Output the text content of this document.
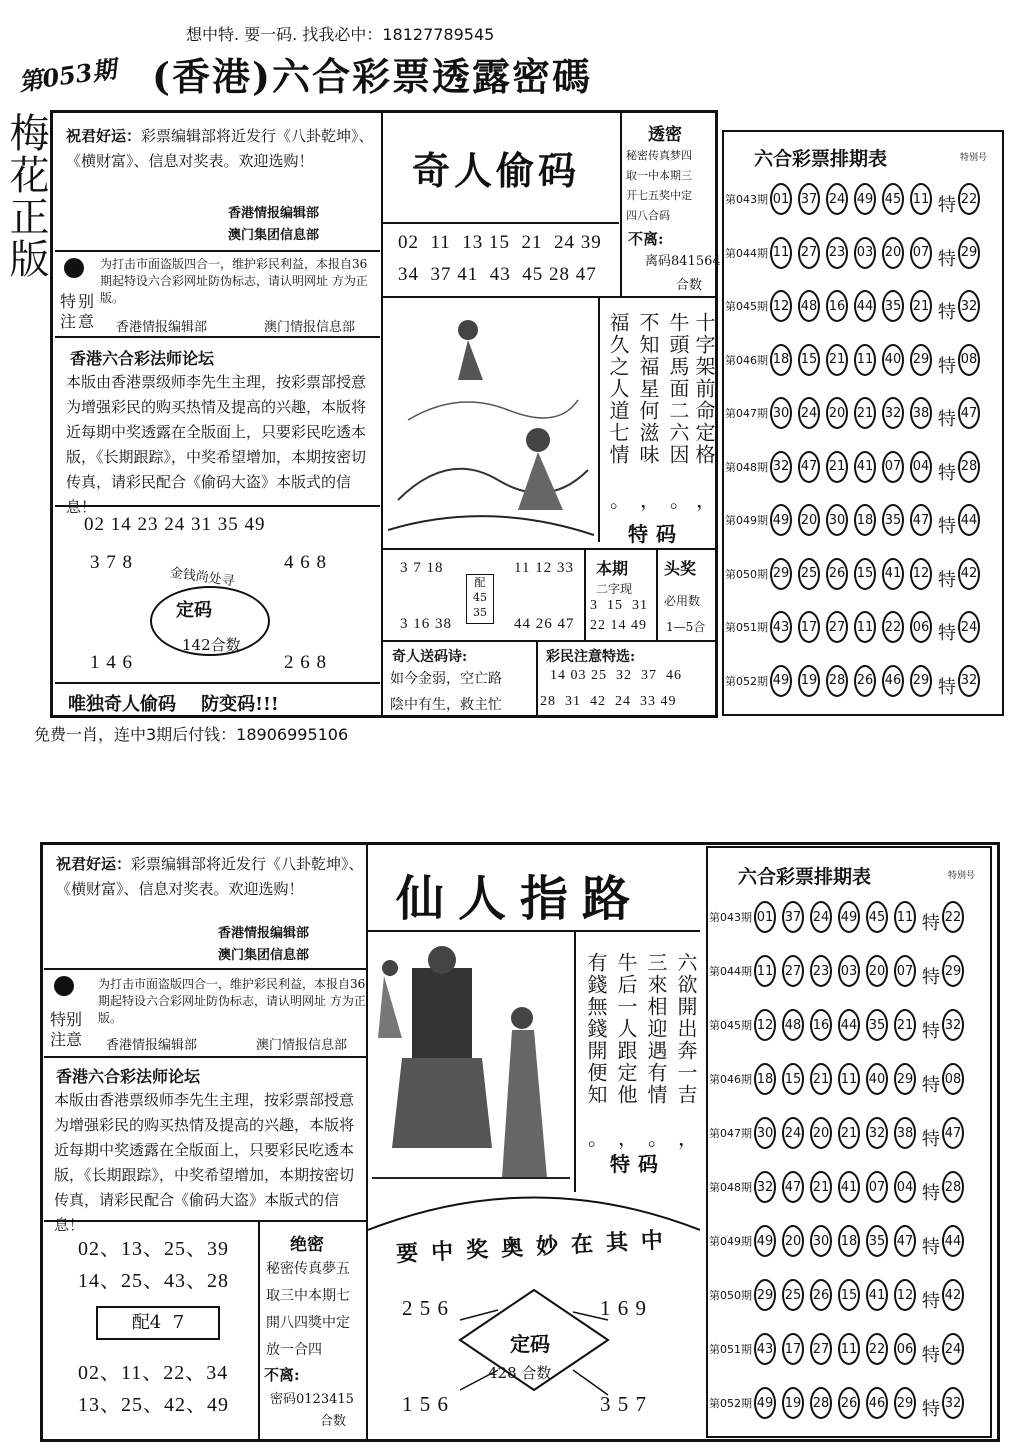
想中特. 要一码. 找我必中：18127789545
第053期 (香港)六合彩票透露密碼
梅花正版 祝君好运：彩票编辑部将近发行《八卦乾坤》、《横财富》、信息对奖表。欢迎选购！
香港情报编辑部
澳门集团信息部
特别注意
为打击市面盗版四合一，维护彩民利益，本报自36期起特设六合彩网址防伪标志，请认明网址 方为正版。
香港情报编辑部	澳门情报信息部
香港六合彩法师论坛
本版由香港票级师李先生主理，按彩票部授意为增强彩民的购买热情及提高的兴趣，本版将近每期中奖透露在全版面上，只要彩民吃透本版，《长期跟踪》，中奖希望增加，本期按密切传真，请彩民配合《偷码大盗》本版式的信息！
02 14 23 24 31 35 49
3 7 8	4 6 8
金钱尚处寻
定码
142合数
1 4 6	2 6 8
唯独奇人偷码    防变码!!!
奇人偷码
02  11  13 15  21  24 39
34  37 41  43  45 28 47
十字架前命定格
牛頭馬面二六因
不知福星何滋味
福久之人道七情
，
。
，
。
特码
透密
秘密传真梦四
取一中本期三
开七五奖中定
四八合码
不离:
离码841564
合数
3 7 18
3 16 38
配
45
35
11 12 33
44 26 47
本期
二字现
3  15  31
22 14 49
头奖
必用数
1—5合
奇人送码诗:
如今金弱，空亡路
陰中有生，救主忙
彩民注意特选:
14 03 25  32  37  46
28  31  42  24  33 49
六合彩票排期表	特别号
第043期 01 37 24 49 45 11 特 22
第044期 11 27 23 03 20 07 特 29
第045期 12 48 16 44 35 21 特 32
第046期 18 15 21 11 40 29 特 08
第047期 30 24 20 21 32 38 特 47
第048期 32 47 21 41 07 04 特 28
第049期 49 20 30 18 35 47 特 44
第050期 29 25 26 15 41 12 特 42
第051期 43 17 27 11 22 06 特 24
第052期 49 19 28 26 46 29 特 32
免费一肖，连中3期后付钱：18906995106
祝君好运：彩票编辑部将近发行《八卦乾坤》、《横财富》、信息对奖表。欢迎选购！
香港情报编辑部
澳门集团信息部
特别注意
为打击市面盗版四合一，维护彩民利益，本报自36期起特设六合彩网址防伪标志，请认明网址 方为正版。
香港情报编辑部	澳门情报信息部
香港六合彩法师论坛
本版由香港票级师李先生主理，按彩票部授意为增强彩民的购买热情及提高的兴趣，本版将近每期中奖透露在全版面上，只要彩民吃透本版，《长期跟踪》，中奖希望增加，本期按密切传真，请彩民配合《偷码大盗》本版式的信息！
02、13、25、39
14、25、43、28
配4  7
02、11、22、34
13、25、42、49
绝密
秘密传真夢五
取三中本期七
開八四獎中定
放一合四
不离:
密码0123415
合数
仙人指路
六欲開出奔一吉
三來相迎遇有情
牛后一人跟定他
有錢無錢開便知
，
。
，
。
特码
要中奖奥妙在其中
2 5 6	1 6 9
定码
428 合数
1 5 6	3 5 7
六合彩票排期表	特别号
第043期 01 37 24 49 45 11 特 22
第044期 11 27 23 03 20 07 特 29
第045期 12 48 16 44 35 21 特 32
第046期 18 15 21 11 40 29 特 08
第047期 30 24 20 21 32 38 特 47
第048期 32 47 21 41 07 04 特 28
第049期 49 20 30 18 35 47 特 44
第050期 29 25 26 15 41 12 特 42
第051期 43 17 27 11 22 06 特 24
第052期 49 19 28 26 46 29 特 32
